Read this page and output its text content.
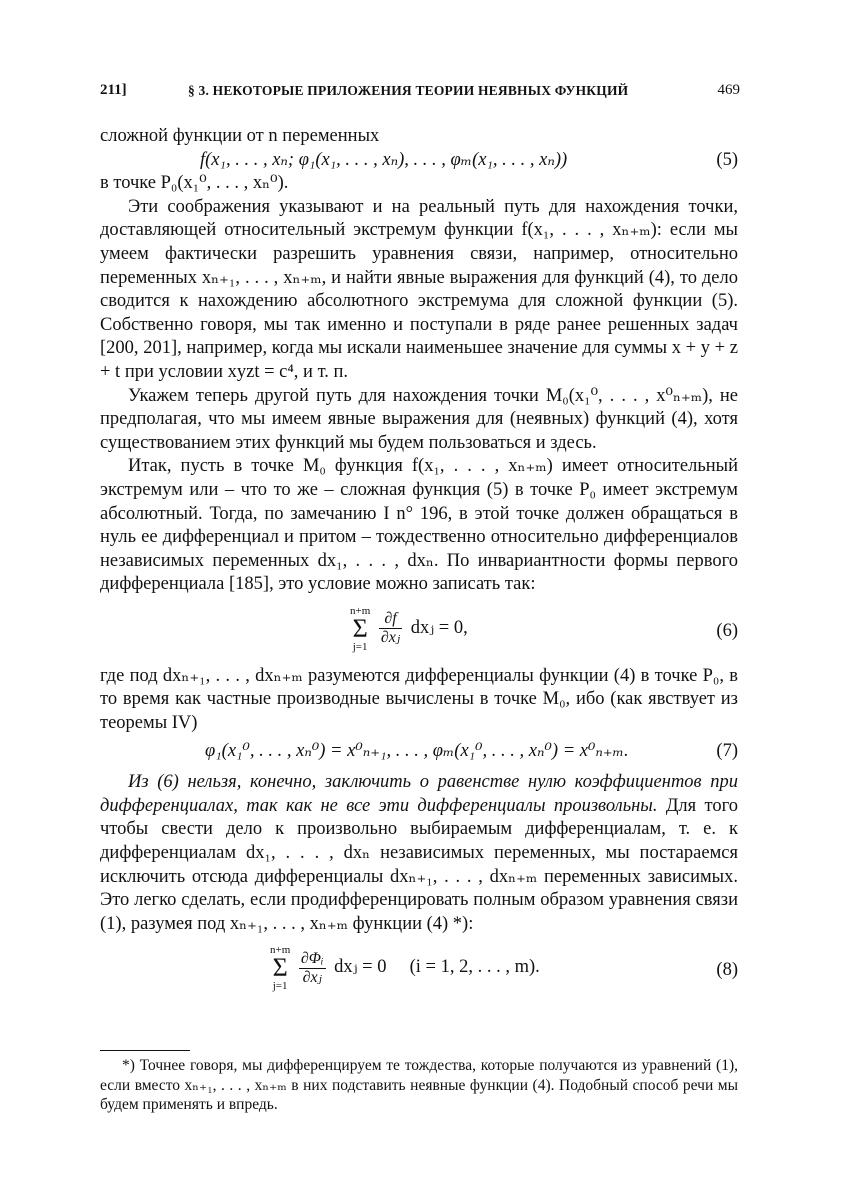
211]	§ 3. НЕКОТОРЫЕ ПРИЛОЖЕНИЯ ТЕОРИИ НЕЯВНЫХ ФУНКЦИЙ	469

сложной функции от n переменных

f(x₁, . . . , xₙ; φ₁(x₁, . . . , xₙ), . . . , φₘ(x₁, . . . , xₙ))	(5)

в точке P₀(x₁⁰, . . . , xₙ⁰).

Эти соображения указывают и на реальный путь для нахождения точки, доставляющей относительный экстремум функции f(x₁, . . . , xₙ₊ₘ): если мы умеем фактически разрешить уравнения связи, например, относительно переменных xₙ₊₁, . . . , xₙ₊ₘ, и найти явные выражения для функций (4), то дело сводится к нахождению абсолютного экстремума для сложной функции (5). Собственно говоря, мы так именно и поступали в ряде ранее решенных задач [200, 201], например, когда мы искали наименьшее значение для суммы x + y + z + t при условии xyzt = c⁴, и т. п.

Укажем теперь другой путь для нахождения точки M₀(x₁⁰, . . . , x⁰ₙ₊ₘ), не предполагая, что мы имеем явные выражения для (неявных) функций (4), хотя существованием этих функций мы будем пользоваться и здесь.

Итак, пусть в точке M₀ функция f(x₁, . . . , xₙ₊ₘ) имеет относительный экстремум или – что то же – сложная функция (5) в точке P₀ имеет экстремум абсолютный. Тогда, по замечанию I n° 196, в этой точке должен обращаться в нуль ее дифференциал и притом – тождественно относительно дифференциалов независимых переменных dx₁, . . . , dxₙ. По инвариантности формы первого дифференциала [185], это условие можно записать так:

n+m
Σ
$j=1 \frac{\partial f}{\text{∂xⱼ}}$ dxⱼ = 0,	(6)

где под dxₙ₊₁, . . . , dxₙ₊ₘ разумеются дифференциалы функции (4) в точке P₀, в то время как частные производные вычислены в точке M₀, ибо (как явствует из теоремы IV)

φ₁(x₁⁰, . . . , xₙ⁰) = x⁰ₙ₊₁, . . . , φₘ(x₁⁰, . . . , xₙ⁰) = x⁰ₙ₊ₘ.	(7)

Из (6) нельзя, конечно, заключить о равенстве нулю коэффициентов при дифференциалах, так как не все эти дифференциалы произвольны. Для того чтобы свести дело к произвольно выбираемым дифференциалам, т. е. к дифференциалам dx₁, . . . , dxₙ независимых переменных, мы постараемся исключить отсюда дифференциалы dxₙ₊₁, . . . , dxₙ₊ₘ переменных зависимых. Это легко сделать, если продифференцировать полным образом уравнения связи (1), разумея под xₙ₊₁, . . . , xₙ₊ₘ функции (4) *):

n+m
Σ
$j=1 \frac{\text{∂Φᵢ}}{\text{∂xⱼ}}$ dxⱼ = 0     (i = 1, 2, . . . , m).	(8)

*) Точнее говоря, мы дифференцируем те тождества, которые получаются из уравнений (1), если вместо xₙ₊₁, . . . , xₙ₊ₘ в них подставить неявные функции (4). Подобный способ речи мы будем применять и впредь.
